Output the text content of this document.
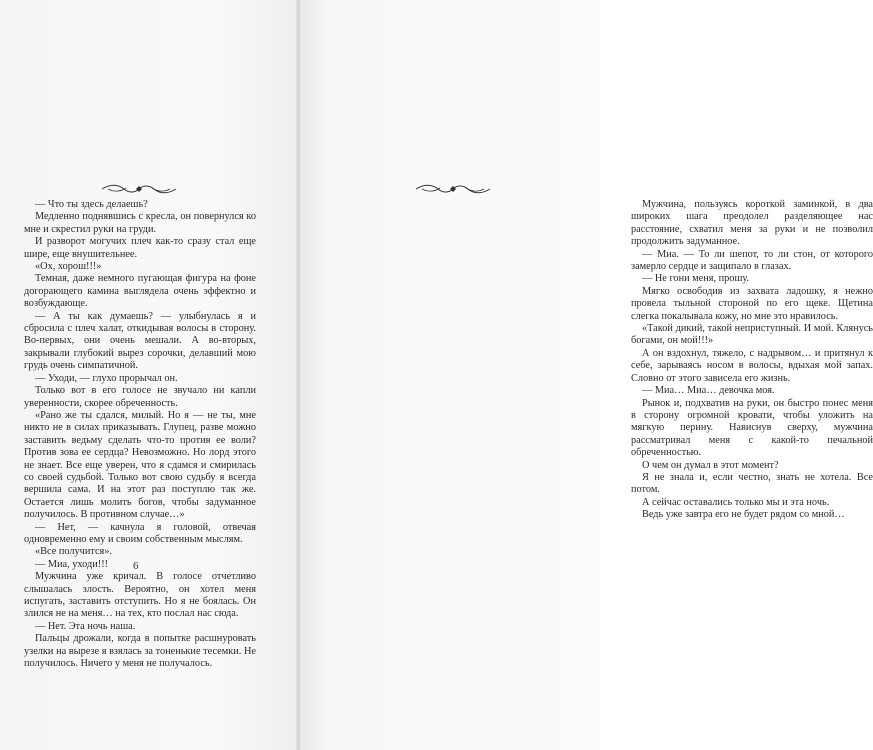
— Что ты здесь делаешь?

Медленно поднявшись с кресла, он повернулся ко мне и скрестил руки на груди.

И разворот могучих плеч как-то сразу стал еще шире, еще внушительнее.

«Ох, хорош!!!»

Темная, даже немного пугающая фигура на фоне догорающего камина выглядела очень эффектно и возбуждающе.

— А ты как думаешь? — улыбнулась я и сбросила с плеч халат, откидывая волосы в сторону. Во-первых, они очень мешали. А во-вторых, закрывали глубокий вырез сорочки, делавший мою грудь очень симпатичной.

— Уходи, — глухо прорычал он.

Только вот в его голосе не звучало ни капли уверенности, скорее обреченность.

«Рано же ты сдался, милый. Но я — не ты, мне никто не в силах приказывать. Глупец, разве можно заставить ведьму сделать что-то против ее воли? Против зова ее сердца? Невозможно. Но лорд этого не знает. Все еще уверен, что я сдамся и смирилась со своей судьбой. Только вот свою судьбу я всегда вершила сама. И на этот раз поступлю так же. Остается лишь молить богов, чтобы задуманное получилось. В противном случае…»

— Нет, — качнула я головой, отвечая одновременно ему и своим собственным мыслям.

«Все получится».

— Миа, уходи!!!

Мужчина уже кричал. В голосе отчетливо слышалась злость. Вероятно, он хотел меня испугать, заставить отступить. Но я не боялась. Он злился не на меня… на тех, кто послал нас сюда.

— Нет. Эта ночь наша.

Пальцы дрожали, когда в попытке расшнуровать узелки на вырезе я взялась за тоненькие тесемки. Не получилось. Ничего у меня не получалось.

6

Мужчина, пользуясь короткой заминкой, в два широких шага преодолел разделяющее нас расстояние, схватил меня за руки и не позволил продолжить задуманное.

— Миа. — То ли шепот, то ли стон, от которого замерло сердце и защипало в глазах.

— Не гони меня, прошу.

Мягко освободив из захвата ладошку, я нежно провела тыльной стороной по его щеке. Щетина слегка покалывала кожу, но мне это нравилось.

«Такой дикий, такой неприступный. И мой. Клянусь богами, он мой!!!»

А он вздохнул, тяжело, с надрывом… и притянул к себе, зарываясь носом в волосы, вдыхая мой запах. Словно от этого зависела его жизнь.

— Миа… Миа… девочка моя.

Рынок и, подхватив на руки, он быстро понес меня в сторону огромной кровати, чтобы уложить на мягкую перину. Нависнув сверху, мужчина рассматривал меня с какой-то печальной обреченностью.

О чем он думал в этот момент?

Я не знала и, если честно, знать не хотела. Все потом.

А сейчас оставались только мы и эта ночь.

Ведь уже завтра его не будет рядом со мной…
